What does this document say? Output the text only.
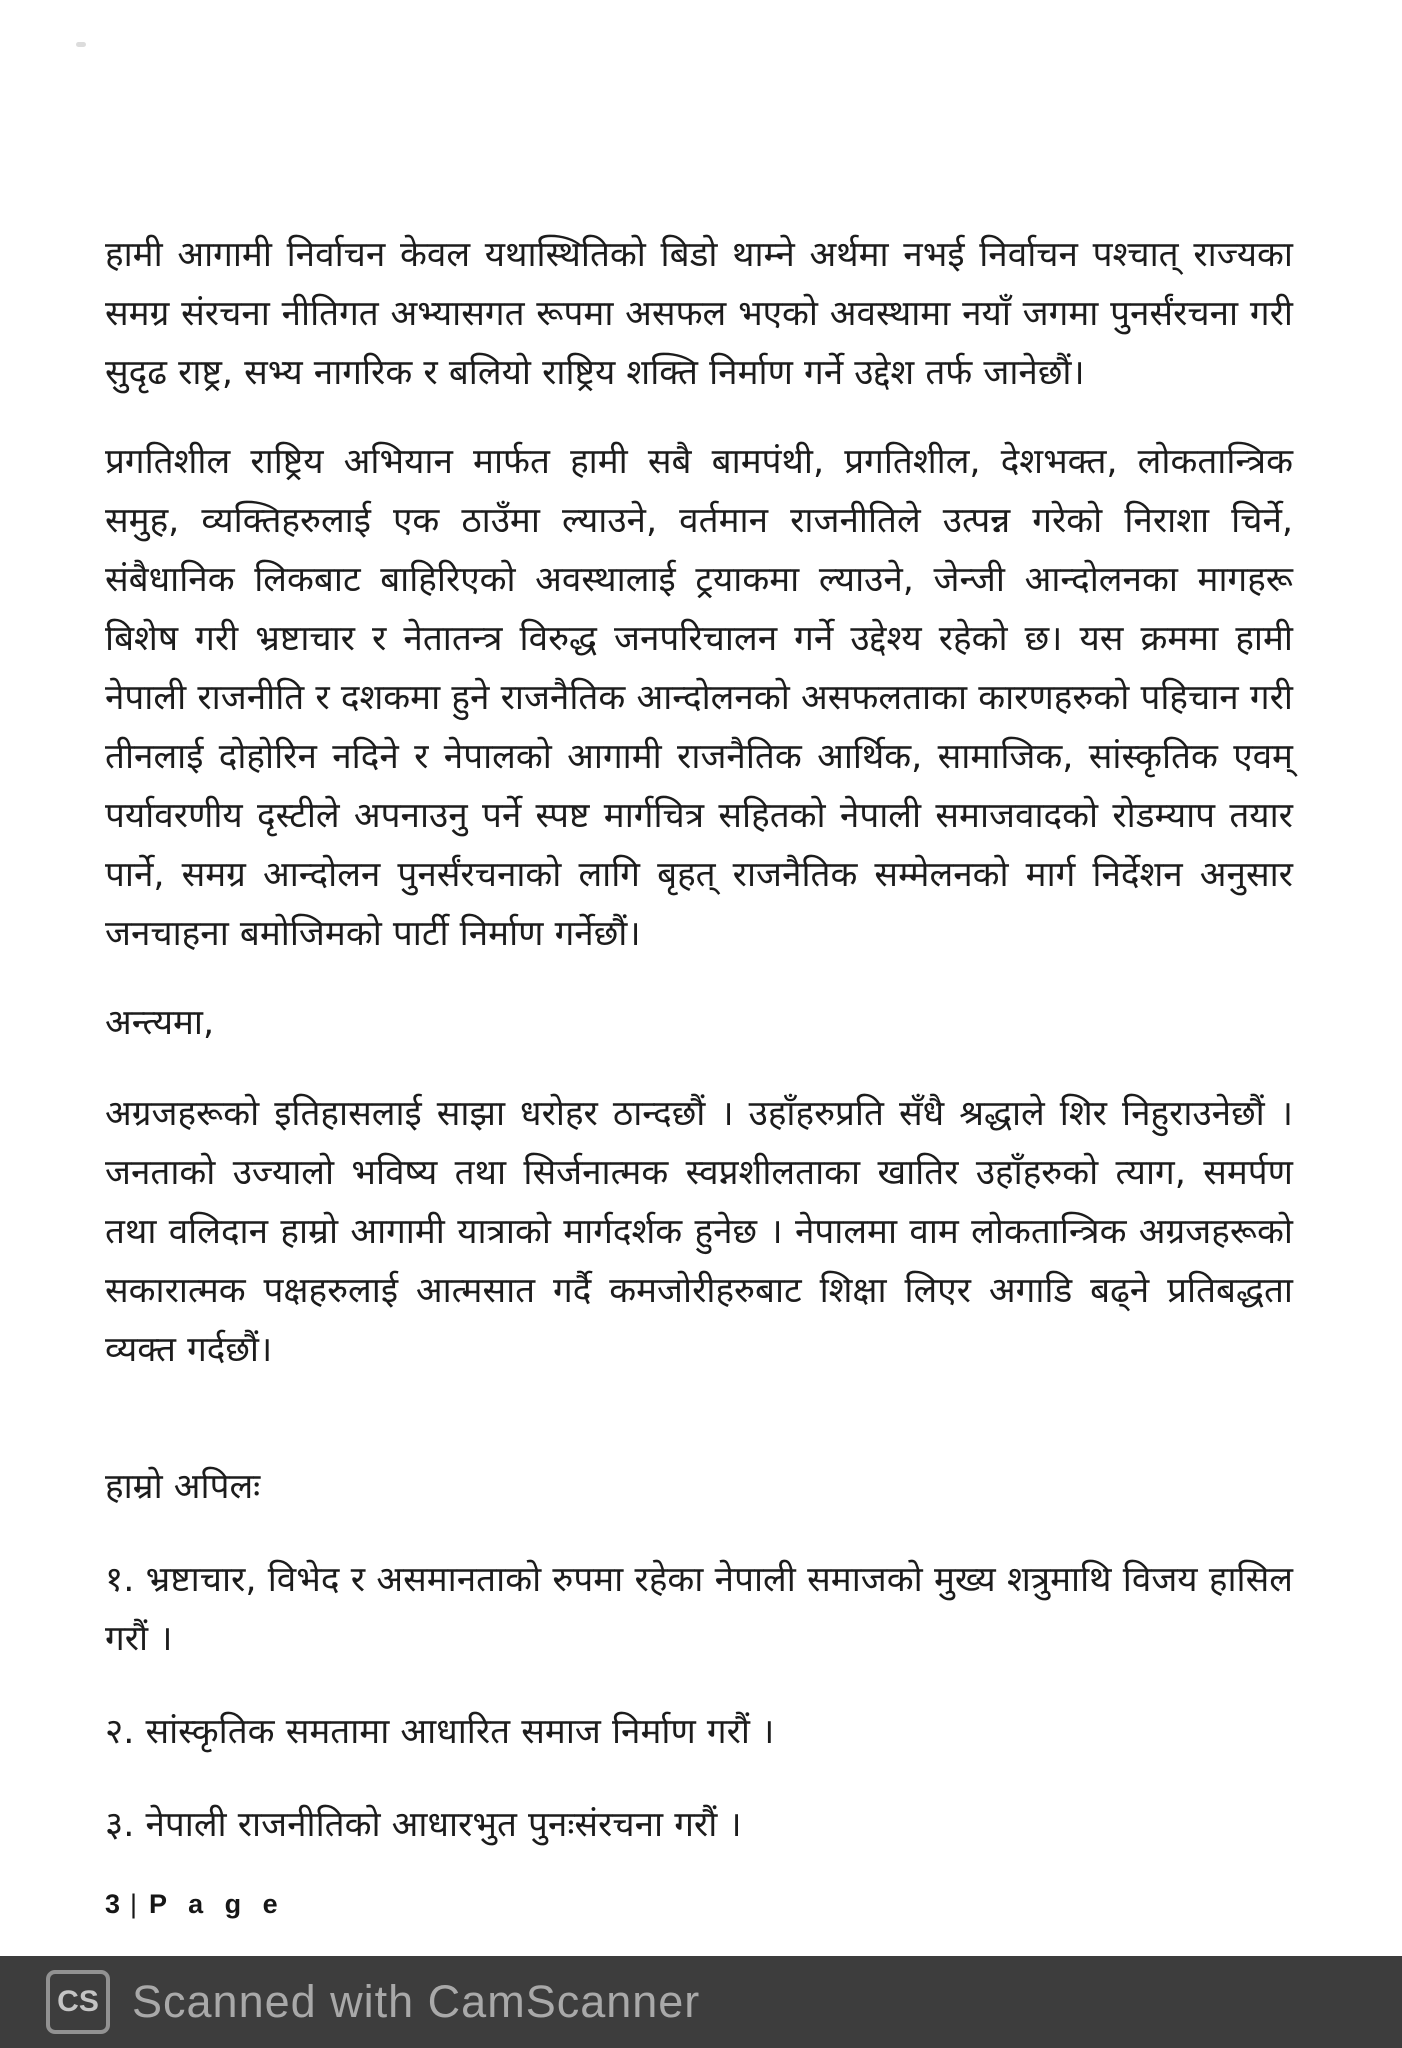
हामी आगामी निर्वाचन केवल यथास्थितिको बिडो थाम्ने अर्थमा नभई निर्वाचन पश्चात् राज्यका समग्र संरचना नीतिगत अभ्यासगत रूपमा असफल भएको अवस्थामा नयाँ जगमा पुनर्संरचना गरी सुदृढ राष्ट्र, सभ्य नागरिक र बलियो राष्ट्रिय शक्ति निर्माण गर्ने उद्देश तर्फ जानेछौं।

प्रगतिशील राष्ट्रिय अभियान मार्फत हामी सबै बामपंथी, प्रगतिशील, देशभक्त, लोकतान्त्रिक समुह, व्यक्तिहरुलाई एक ठाउँमा ल्याउने, वर्तमान राजनीतिले उत्पन्न गरेको निराशा चिर्ने, संबैधानिक लिकबाट बाहिरिएको अवस्थालाई ट्रयाकमा ल्याउने, जेन्जी आन्दोलनका मागहरू बिशेष गरी भ्रष्टाचार र नेतातन्त्र विरुद्ध जनपरिचालन गर्ने उद्देश्य रहेको छ। यस क्रममा हामी नेपाली राजनीति र दशकमा हुने राजनैतिक आन्दोलनको असफलताका कारणहरुको पहिचान गरी तीनलाई दोहोरिन नदिने र नेपालको आगामी राजनैतिक आर्थिक, सामाजिक, सांस्कृतिक एवम् पर्यावरणीय दृस्टीले अपनाउनु पर्ने स्पष्ट मार्गचित्र सहितको नेपाली समाजवादको रोडम्याप तयार पार्ने, समग्र आन्दोलन पुनर्संरचनाको लागि बृहत् राजनैतिक सम्मेलनको मार्ग निर्देशन अनुसार जनचाहना बमोजिमको पार्टी निर्माण गर्नेछौं।

अन्त्यमा,

अग्रजहरूको इतिहासलाई साझा धरोहर ठान्दछौं । उहाँहरुप्रति सँधै श्रद्धाले शिर निहुराउनेछौं । जनताको उज्यालो भविष्य तथा सिर्जनात्मक स्वप्नशीलताका खातिर उहाँहरुको त्याग, समर्पण तथा वलिदान हाम्रो आगामी यात्राको मार्गदर्शक हुनेछ । नेपालमा वाम लोकतान्त्रिक अग्रजहरूको सकारात्मक पक्षहरुलाई आत्मसात गर्दै कमजोरीहरुबाट शिक्षा लिएर अगाडि बढ्ने प्रतिबद्धता व्यक्त गर्दछौं।

हाम्रो अपिलः

१. भ्रष्टाचार, विभेद र असमानताको रुपमा रहेका नेपाली समाजको मुख्य शत्रुमाथि विजय हासिल गरौं ।

२. सांस्कृतिक समतामा आधारित समाज निर्माण गरौं ।

३. नेपाली राजनीतिको आधारभुत पुनःसंरचना गरौं ।

3 | P a g e
CS Scanned with CamScanner
